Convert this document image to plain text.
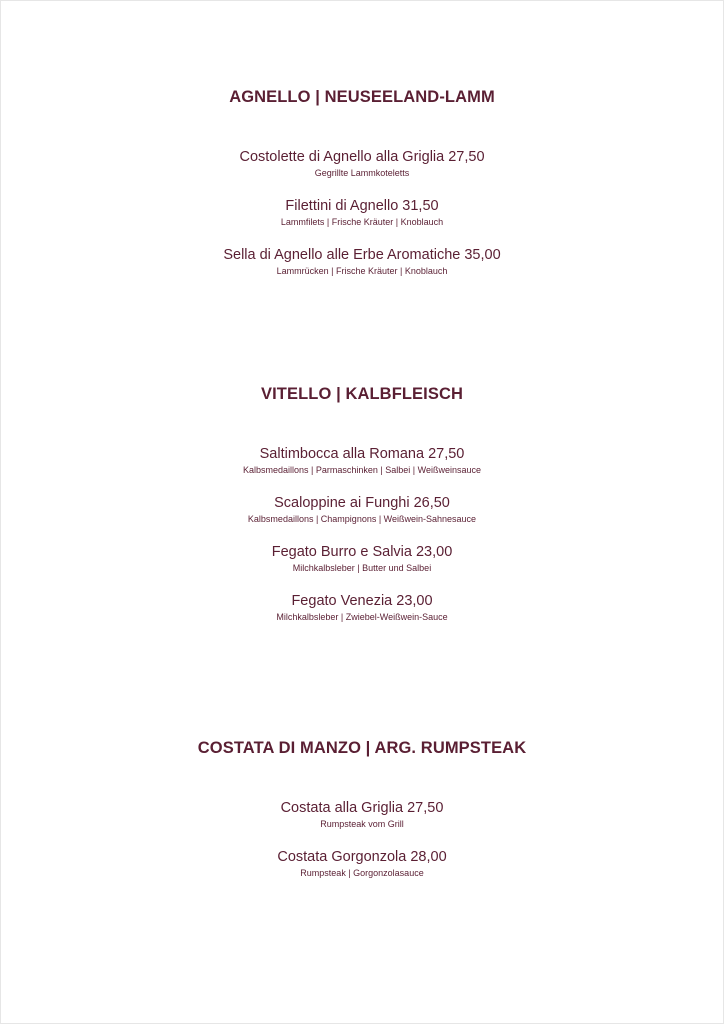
AGNELLO | NEUSEELAND-LAMM
Costolette di Agnello alla Griglia 27,50
Gegrillte Lammkoteletts
Filettini di Agnello 31,50
Lammfilets | Frische Kräuter | Knoblauch
Sella di Agnello alle Erbe Aromatiche 35,00
Lammrücken | Frische Kräuter | Knoblauch
VITELLO | KALBFLEISCH
Saltimbocca alla Romana 27,50
Kalbsmedaillons | Parmaschinken | Salbei | Weißweinsauce
Scaloppine ai Funghi 26,50
Kalbsmedaillons | Champignons | Weißwein-Sahnesauce
Fegato Burro e Salvia 23,00
Milchkalbsleber | Butter und Salbei
Fegato Venezia 23,00
Milchkalbsleber | Zwiebel-Weißwein-Sauce
COSTATA DI MANZO | ARG. RUMPSTEAK
Costata alla Griglia 27,50
Rumpsteak vom Grill
Costata Gorgonzola 28,00
Rumpsteak | Gorgonzolasauce
